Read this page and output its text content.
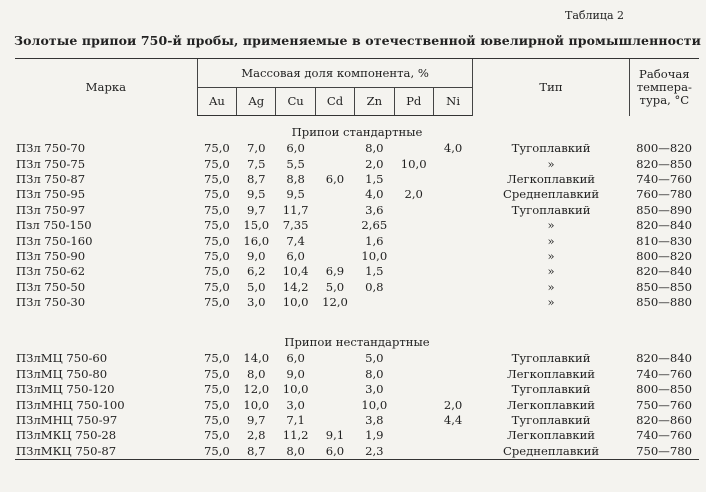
Таблица 2
Золотые припои 750-й пробы, применяемые в отечественной ювелирной промышленности
Марка	Массовая доля компонента, %							Тип	Рабочая темпера-тура, °С
	Au	Ag	Cu	Cd	Zn	Pd	Ni		
Припои стандартные									
ПЗл 750-70	75,0	7,0	6,0		8,0		4,0	Тугоплавкий	800—820
ПЗл 750-75	75,0	7,5	5,5		2,0	10,0		»	820—850
ПЗл 750-87	75,0	8,7	8,8	6,0	1,5			Легкоплавкий	740—760
ПЗл 750-95	75,0	9,5	9,5		4,0	2,0		Среднеплавкий	760—780
ПЗл 750-97	75,0	9,7	11,7		3,6			Тугоплавкий	850—890
Пзл 750-150	75,0	15,0	7,35		2,65			»	820—840
ПЗл 750-160	75,0	16,0	7,4		1,6			»	810—830
ПЗл 750-90	75,0	9,0	6,0		10,0			»	800—820
ПЗл 750-62	75,0	6,2	10,4	6,9	1,5			»	820—840
ПЗл 750-50	75,0	5,0	14,2	5,0	0,8			»	850—850
ПЗл 750-30	75,0	3,0	10,0	12,0				»	850—880

Припои нестандартные									
ПЗлМЦ 750-60	75,0	14,0	6,0		5,0			Тугоплавкий	820—840
ПЗлМЦ 750-80	75,0	8,0	9,0		8,0			Легкоплавкий	740—760
ПЗлМЦ 750-120	75,0	12,0	10,0		3,0			Тугоплавкий	800—850
ПЗлМНЦ 750-100	75,0	10,0	3,0		10,0		2,0	Легкоплавкий	750—760
ПЗлМНЦ 750-97	75,0	9,7	7,1		3,8		4,4	Тугоплавкий	820—860
ПЗлМКЦ 750-28	75,0	2,8	11,2	9,1	1,9			Легкоплавкий	740—760
ПЗлМКЦ 750-87	75,0	8,7	8,0	6,0	2,3			Среднеплавкий	750—780
